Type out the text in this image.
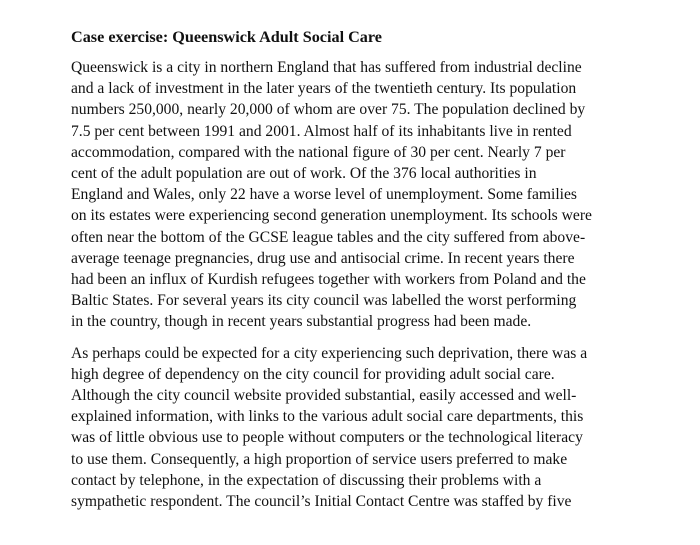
Case exercise: Queenswick Adult Social Care

Queenswick is a city in northern England that has suffered from industrial decline
and a lack of investment in the later years of the twentieth century. Its population
numbers 250,000, nearly 20,000 of whom are over 75. The population declined by
7.5 per cent between 1991 and 2001. Almost half of its inhabitants live in rented
accommodation, compared with the national figure of 30 per cent. Nearly 7 per
cent of the adult population are out of work. Of the 376 local authorities in
England and Wales, only 22 have a worse level of unemployment. Some families
on its estates were experiencing second generation unemployment. Its schools were
often near the bottom of the GCSE league tables and the city suffered from above-
average teenage pregnancies, drug use and antisocial crime. In recent years there
had been an influx of Kurdish refugees together with workers from Poland and the
Baltic States. For several years its city council was labelled the worst performing
in the country, though in recent years substantial progress had been made.

As perhaps could be expected for a city experiencing such deprivation, there was a
high degree of dependency on the city council for providing adult social care.
Although the city council website provided substantial, easily accessed and well-
explained information, with links to the various adult social care departments, this
was of little obvious use to people without computers or the technological literacy
to use them. Consequently, a high proportion of service users preferred to make
contact by telephone, in the expectation of discussing their problems with a
sympathetic respondent. The council’s Initial Contact Centre was staffed by five
